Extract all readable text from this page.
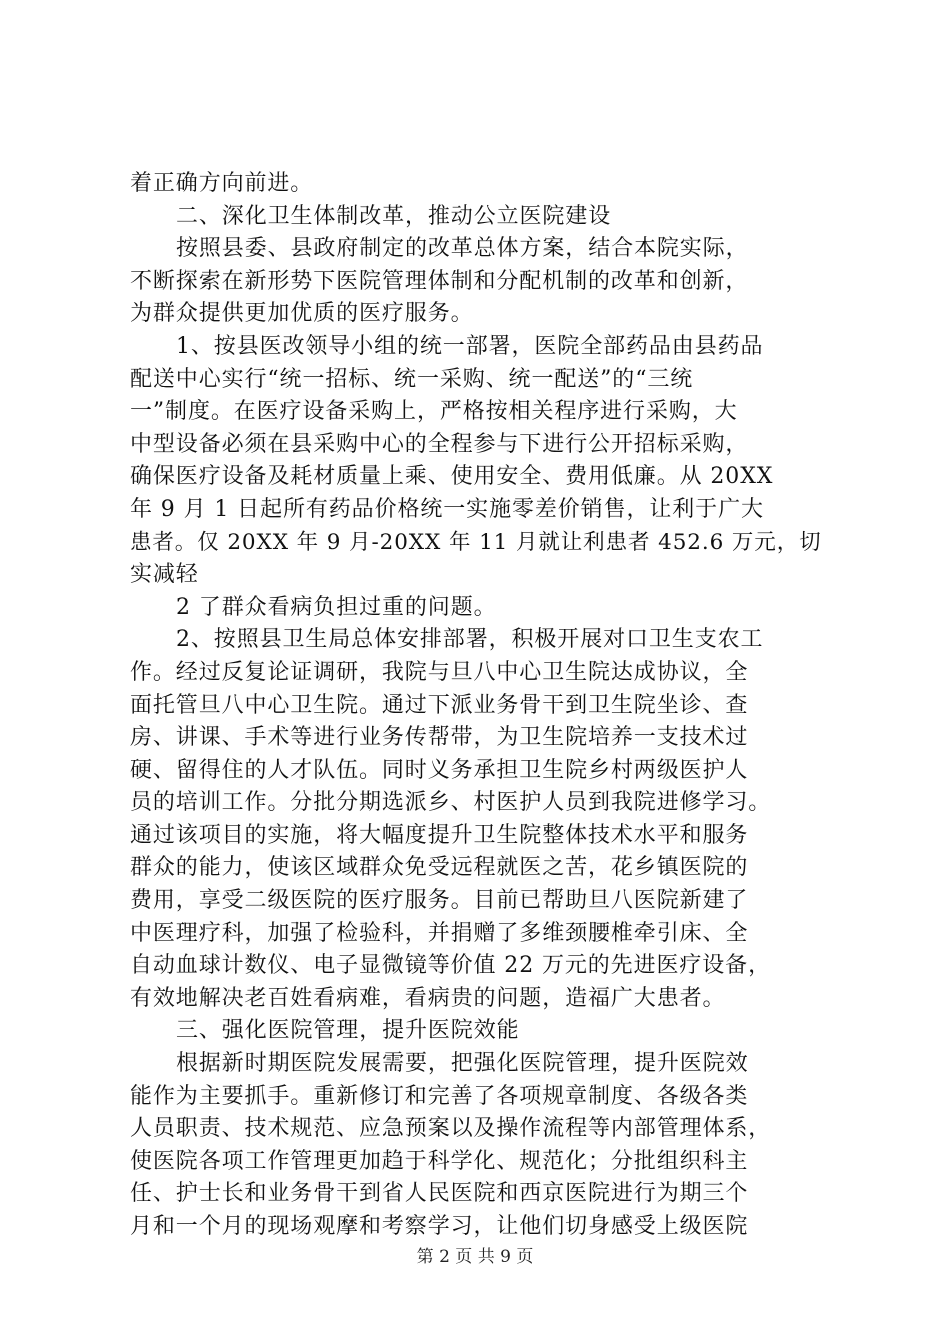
着正确方向前进。
二、深化卫生体制改革，推动公立医院建设
按照县委、县政府制定的改革总体方案，结合本院实际，
不断探索在新形势下医院管理体制和分配机制的改革和创新，
为群众提供更加优质的医疗服务。
1、按县医改领导小组的统一部署，医院全部药品由县药品
配送中心实行“统一招标、统一采购、统一配送”的“三统
一”制度。在医疗设备采购上，严格按相关程序进行采购，大
中型设备必须在县采购中心的全程参与下进行公开招标采购，
确保医疗设备及耗材质量上乘、使用安全、费用低廉。从 20XX
年 9 月 1 日起所有药品价格统一实施零差价销售，让利于广大
患者。仅 20XX 年 9 月-20XX 年 11 月就让利患者 452.6 万元，切
实减轻
2 了群众看病负担过重的问题。
2、按照县卫生局总体安排部署，积极开展对口卫生支农工
作。经过反复论证调研，我院与旦八中心卫生院达成协议，全
面托管旦八中心卫生院。通过下派业务骨干到卫生院坐诊、查
房、讲课、手术等进行业务传帮带，为卫生院培养一支技术过
硬、留得住的人才队伍。同时义务承担卫生院乡村两级医护人
员的培训工作。分批分期选派乡、村医护人员到我院进修学习。
通过该项目的实施，将大幅度提升卫生院整体技术水平和服务
群众的能力，使该区域群众免受远程就医之苦，花乡镇医院的
费用，享受二级医院的医疗服务。目前已帮助旦八医院新建了
中医理疗科，加强了检验科，并捐赠了多维颈腰椎牵引床、全
自动血球计数仪、电子显微镜等价值 22 万元的先进医疗设备，
有效地解决老百姓看病难，看病贵的问题，造福广大患者。
三、强化医院管理，提升医院效能
根据新时期医院发展需要，把强化医院管理，提升医院效
能作为主要抓手。重新修订和完善了各项规章制度、各级各类
人员职责、技术规范、应急预案以及操作流程等内部管理体系，
使医院各项工作管理更加趋于科学化、规范化；分批组织科主
任、护士长和业务骨干到省人民医院和西京医院进行为期三个
月和一个月的现场观摩和考察学习，让他们切身感受上级医院
第 2 页 共 9 页
